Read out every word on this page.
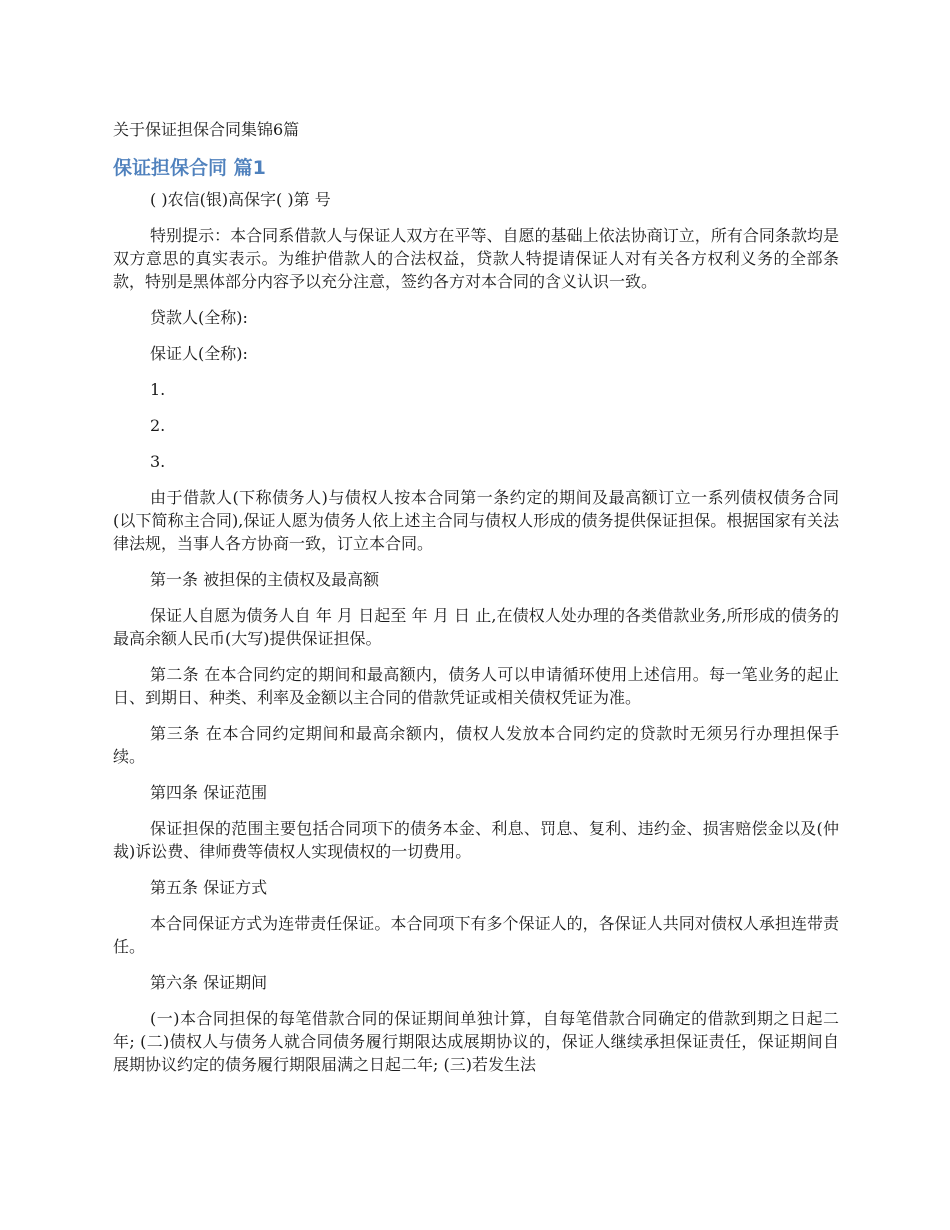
关于保证担保合同集锦6篇
保证担保合同 篇1

( )农信(银)高保字( )第 号

特别提示：本合同系借款人与保证人双方在平等、自愿的基础上依法协商订立，所有合同条款均是双方意思的真实表示。为维护借款人的合法权益，贷款人特提请保证人对有关各方权利义务的全部条款，特别是黑体部分内容予以充分注意，签约各方对本合同的含义认识一致。

贷款人(全称):

保证人(全称):

1.

2.

3.

由于借款人(下称债务人)与债权人按本合同第一条约定的期间及最高额订立一系列债权债务合同(以下简称主合同),保证人愿为债务人依上述主合同与债权人形成的债务提供保证担保。根据国家有关法律法规，当事人各方协商一致，订立本合同。

第一条 被担保的主债权及最高额

保证人自愿为债务人自 年 月 日起至 年 月 日 止,在债权人处办理的各类借款业务,所形成的债务的最高余额人民币(大写)提供保证担保。

第二条 在本合同约定的期间和最高额内，债务人可以申请循环使用上述信用。每一笔业务的起止日、到期日、种类、利率及金额以主合同的借款凭证或相关债权凭证为准。

第三条 在本合同约定期间和最高余额内，债权人发放本合同约定的贷款时无须另行办理担保手续。

第四条 保证范围

保证担保的范围主要包括合同项下的债务本金、利息、罚息、复利、违约金、损害赔偿金以及(仲裁)诉讼费、律师费等债权人实现债权的一切费用。

第五条 保证方式

本合同保证方式为连带责任保证。本合同项下有多个保证人的，各保证人共同对债权人承担连带责任。

第六条 保证期间

(一)本合同担保的每笔借款合同的保证期间单独计算，自每笔借款合同确定的借款到期之日起二年; (二)债权人与债务人就合同债务履行期限达成展期协议的，保证人继续承担保证责任，保证期间自展期协议约定的债务履行期限届满之日起二年; (三)若发生法
